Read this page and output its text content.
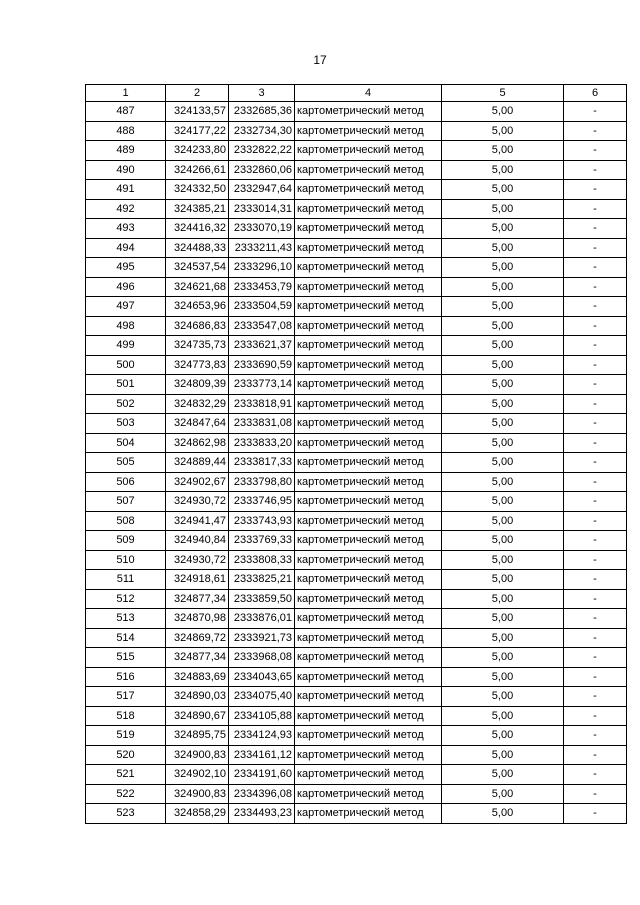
17
1	2	3	4	5	6
487	324133,57	2332685,36	картометрический метод	5,00	-
488	324177,22	2332734,30	картометрический метод	5,00	-
489	324233,80	2332822,22	картометрический метод	5,00	-
490	324266,61	2332860,06	картометрический метод	5,00	-
491	324332,50	2332947,64	картометрический метод	5,00	-
492	324385,21	2333014,31	картометрический метод	5,00	-
493	324416,32	2333070,19	картометрический метод	5,00	-
494	324488,33	2333211,43	картометрический метод	5,00	-
495	324537,54	2333296,10	картометрический метод	5,00	-
496	324621,68	2333453,79	картометрический метод	5,00	-
497	324653,96	2333504,59	картометрический метод	5,00	-
498	324686,83	2333547,08	картометрический метод	5,00	-
499	324735,73	2333621,37	картометрический метод	5,00	-
500	324773,83	2333690,59	картометрический метод	5,00	-
501	324809,39	2333773,14	картометрический метод	5,00	-
502	324832,29	2333818,91	картометрический метод	5,00	-
503	324847,64	2333831,08	картометрический метод	5,00	-
504	324862,98	2333833,20	картометрический метод	5,00	-
505	324889,44	2333817,33	картометрический метод	5,00	-
506	324902,67	2333798,80	картометрический метод	5,00	-
507	324930,72	2333746,95	картометрический метод	5,00	-
508	324941,47	2333743,93	картометрический метод	5,00	-
509	324940,84	2333769,33	картометрический метод	5,00	-
510	324930,72	2333808,33	картометрический метод	5,00	-
511	324918,61	2333825,21	картометрический метод	5,00	-
512	324877,34	2333859,50	картометрический метод	5,00	-
513	324870,98	2333876,01	картометрический метод	5,00	-
514	324869,72	2333921,73	картометрический метод	5,00	-
515	324877,34	2333968,08	картометрический метод	5,00	-
516	324883,69	2334043,65	картометрический метод	5,00	-
517	324890,03	2334075,40	картометрический метод	5,00	-
518	324890,67	2334105,88	картометрический метод	5,00	-
519	324895,75	2334124,93	картометрический метод	5,00	-
520	324900,83	2334161,12	картометрический метод	5,00	-
521	324902,10	2334191,60	картометрический метод	5,00	-
522	324900,83	2334396,08	картометрический метод	5,00	-
523	324858,29	2334493,23	картометрический метод	5,00	-
